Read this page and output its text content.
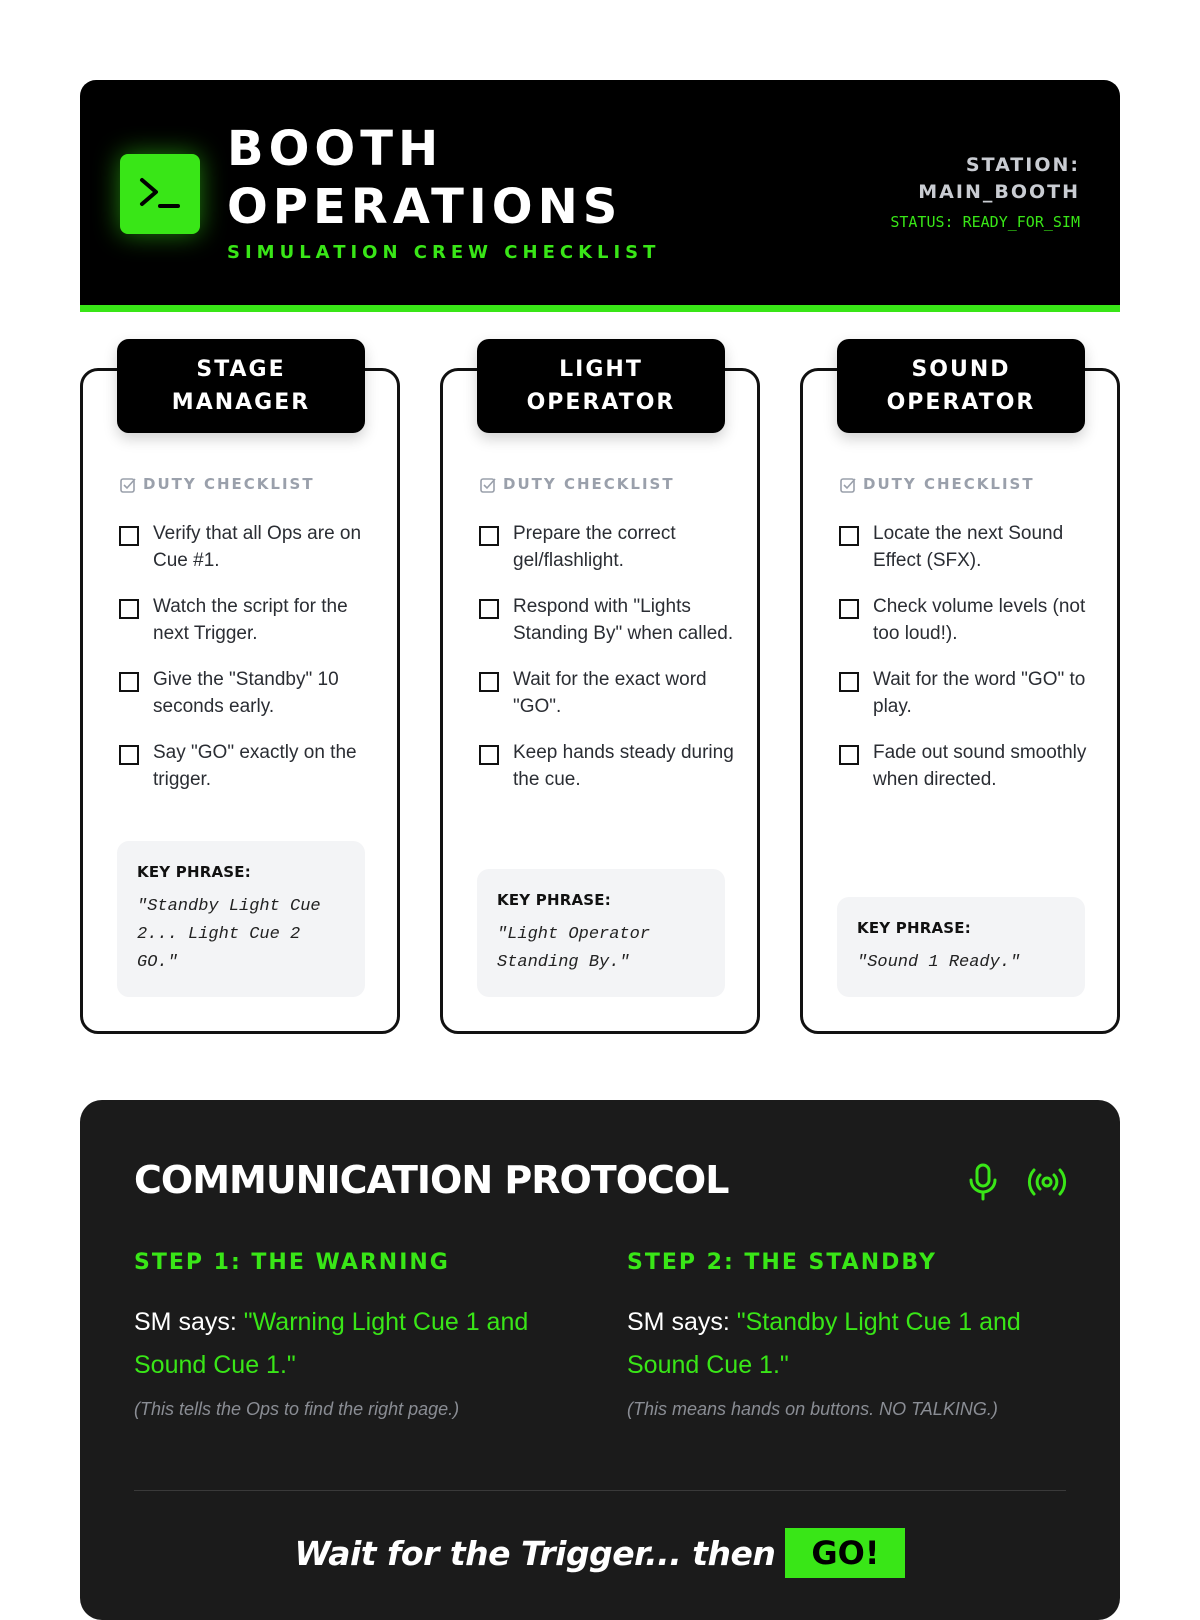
BOOTH
OPERATIONS
SIMULATION CREW CHECKLIST
STATION:
MAIN_BOOTH
STATUS: READY_FOR_SIM
STAGE
MANAGER
DUTY CHECKLIST
Verify that all Ops are on Cue #1.
Watch the script for the next Trigger.
Give the "Standby" 10 seconds early.
Say "GO" exactly on the trigger.
KEY PHRASE:
"Standby Light Cue 2... Light Cue 2 GO."
LIGHT
OPERATOR
DUTY CHECKLIST
Prepare the correct gel/flashlight.
Respond with "Lights Standing By" when called.
Wait for the exact word "GO".
Keep hands steady during the cue.
KEY PHRASE:
"Light Operator Standing By."
SOUND
OPERATOR
DUTY CHECKLIST
Locate the next Sound Effect (SFX).
Check volume levels (not too loud!).
Wait for the word "GO" to play.
Fade out sound smoothly when directed.
KEY PHRASE:
"Sound 1 Ready."
COMMUNICATION PROTOCOL
STEP 1: THE WARNING
SM says: "Warning Light Cue 1 and Sound Cue 1."
(This tells the Ops to find the right page.)
STEP 2: THE STANDBY
SM says: "Standby Light Cue 1 and Sound Cue 1."
(This means hands on buttons. NO TALKING.)
Wait for the Trigger... then	GO!
